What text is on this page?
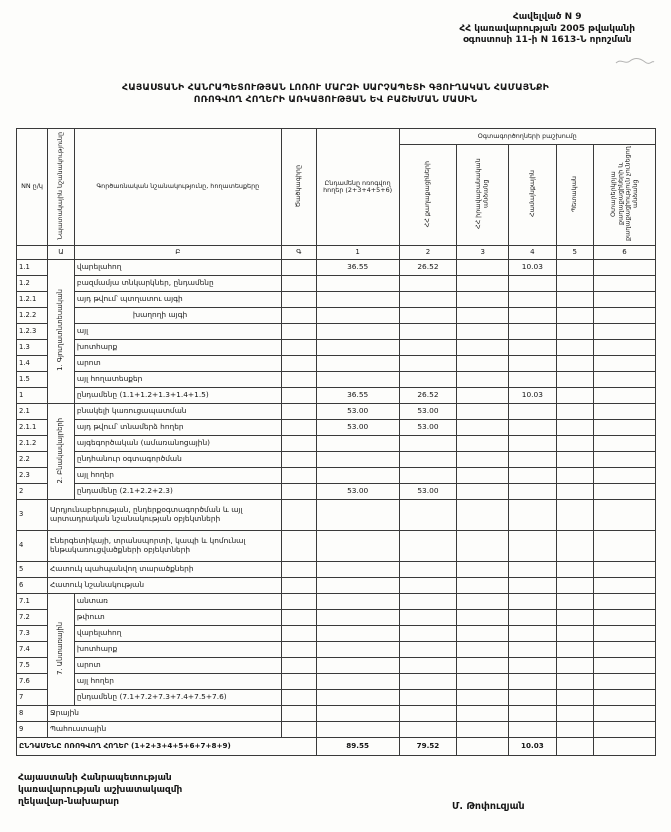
Հավելված N 9
ՀՀ կառավարության 2005 թվականի
օգոստոսի 11-ի N 1613-Ն որոշման
ՀԱՅԱՍՏԱՆԻ ՀԱՆՐԱՊԵՏՈՒԹՅԱՆ ԼՈՌՈՒ ՄԱՐԶԻ ՍԱՐՉԱՊԵՏԻ ԳՅՈՒՂԱԿԱՆ ՀԱՄԱՅՆՔԻ
ՈՌՈԳՎՈՂ ՀՈՂԵՐԻ ԱՌԿԱՅՈՒԹՅԱՆ ԵՎ ԲԱՇԽՄԱՆ ՄԱՍԻՆ
NN ը/կ	Նպատակային նշանակությունը	Գործառնական նշանակությունը, հողատեսքերը	Ծածկագիրը	Ընդամենը ոռոգվող հողեր (2+3+4+5+6)	Օգտագործողների բաշխումը				
					ՀՀ քաղաքացիների	ՀՀ իրավաբանական անձանց	Համայնքային	Պետական	Օտարերկրյա քաղաքացիների և քաղաքացիություն չունեցող անձանց
	Ա	Բ	Գ	1	2	3	4	5	6
1.1	1. Գյուղատնտեսական	վարելահող		36.55	26.52		10.03		
1.2		բազմամյա տնկարկներ, ընդամենը							
1.2.1		այդ թվում՝ պտղատու այգի							
1.2.2		խաղողի այգի							
1.2.3		այլ							
1.3		խոտհարք							
1.4		արոտ							
1.5		այլ հողատեսքեր							
1		ընդամենը (1.1+1.2+1.3+1.4+1.5)		36.55	26.52		10.03		
2.1	2. Բնակավայրերի	բնակելի կառուցապատման		53.00	53.00				
2.1.1		այդ թվում՝ տնամերձ հողեր		53.00	53.00				
2.1.2		այգեգործական (ամառանոցային)							
2.2		ընդհանուր օգտագործման							
2.3		այլ հողեր							
2		ընդամենը (2.1+2.2+2.3)		53.00	53.00				
3	Արդյունաբերության, ընդերքօգտագործման և այլ արտադրական նշանակության օբյեկտների								
4	Էներգետիկայի, տրանսպորտի, կապի և կոմունալ ենթակառուցվածքների օբյեկտների								
5	Հատուկ պահպանվող տարածքների								
6	Հատուկ նշանակության								
7.1	7. Անտառային	անտառ							
7.2		թփուտ							
7.3		վարելահող							
7.4		խոտհարք							
7.5		արոտ							
7.6		այլ հողեր							
7		ընդամենը (7.1+7.2+7.3+7.4+7.5+7.6)							
8	Ջրային								
9	Պահուստային								
ԸՆԴԱՄԵՆԸ ՈՌՈԳՎՈՂ ՀՈՂԵՐ (1+2+3+4+5+6+7+8+9)				89.55	79.52		10.03		
Հայաստանի Հանրապետության
կառավարության աշխատակազմի
ղեկավար-նախարար	Մ. Թոփուզյան
